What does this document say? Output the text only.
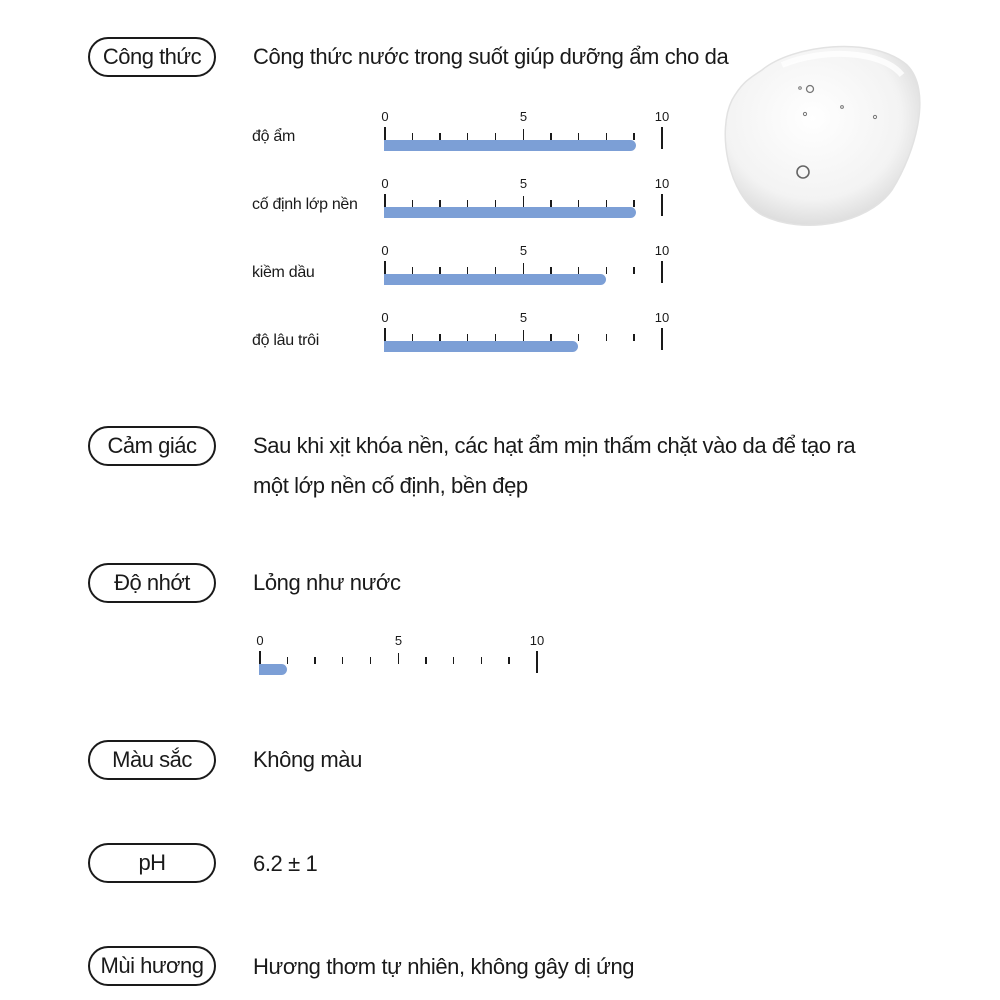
Công thức	Công thức nước trong suốt giúp dưỡng ẩm cho da
độ ẩm
0	5	10
cố định lớp nền
0	5	10
kiềm dầu
0	5	10
độ lâu trôi
0	5	10
Cảm giác	Sau khi xịt khóa nền, các hạt ẩm mịn thấm chặt vào da để tạo ra
một lớp nền cố định, bền đẹp
Độ nhớt	Lỏng như nước
0	5	10
Màu sắc	Không màu
pH	6.2 ± 1
Mùi hương	Hương thơm tự nhiên, không gây dị ứng
